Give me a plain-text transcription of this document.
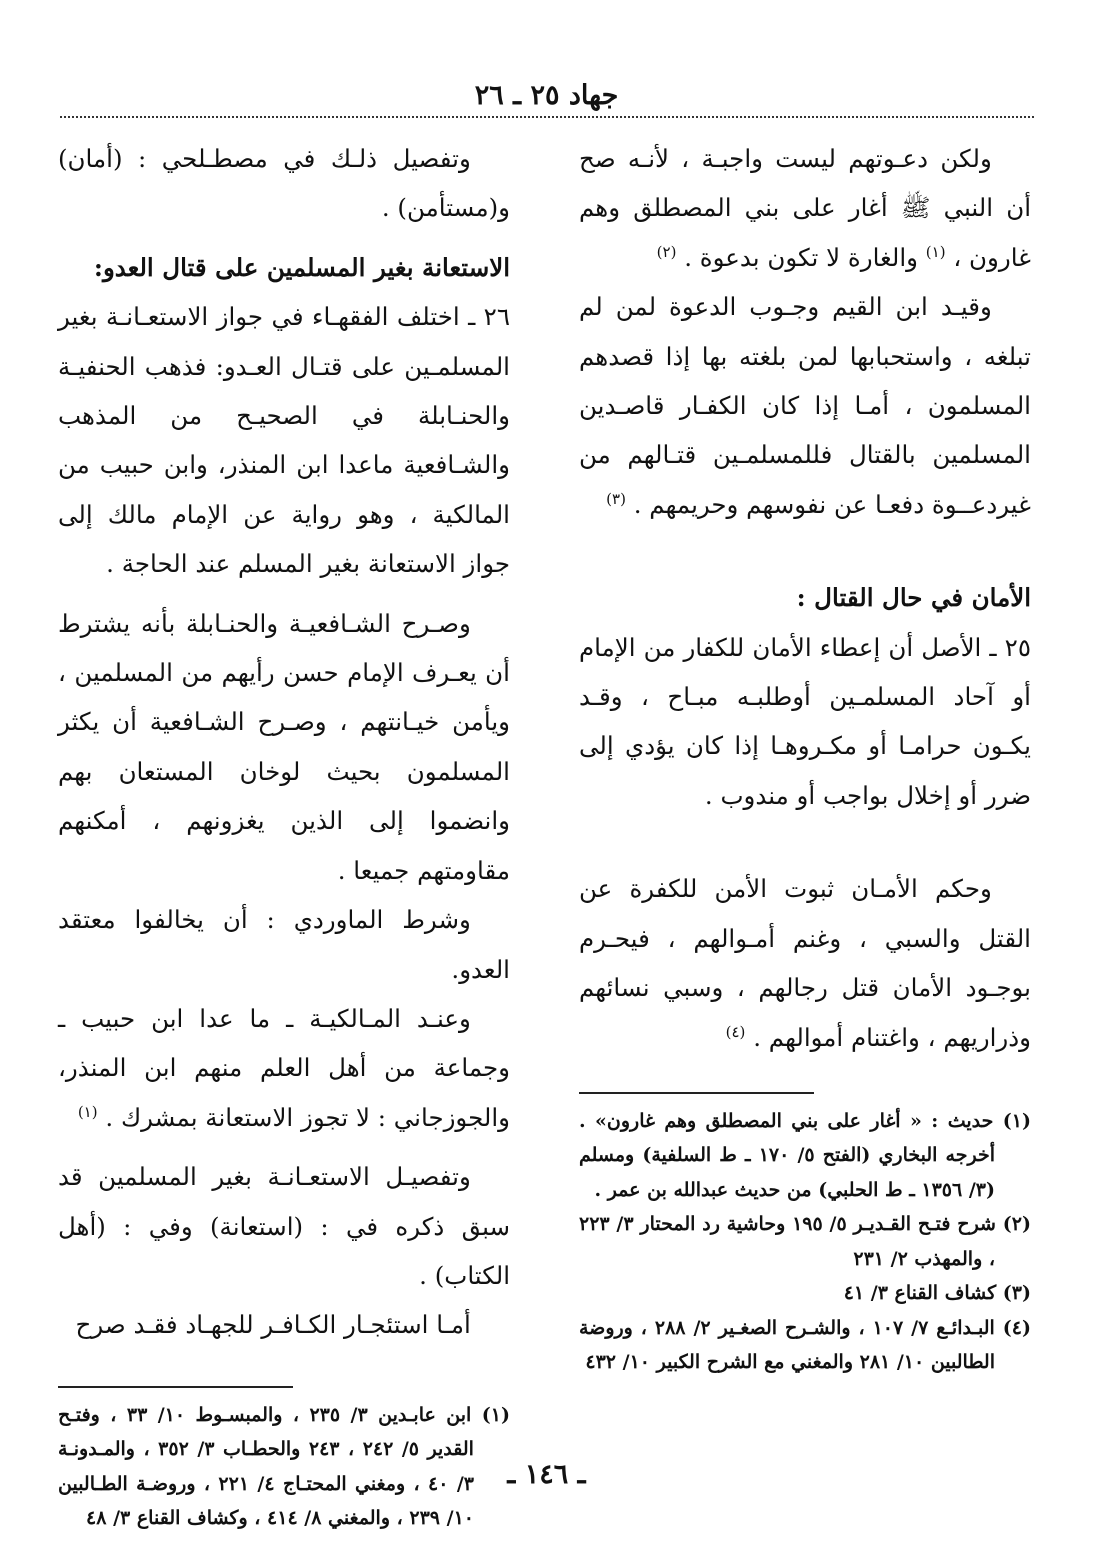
جهاد ٢٥ ـ ٢٦

ولكن دعـوتهم ليست واجبـة ، لأنـه صح أن النبي ﷺ أغار على بني المصطلق وهم غارون ، $^{(١)}$ والغارة لا تكون بدعوة . $^{(٢)}$

وقيـد ابن القيم وجـوب الدعوة لمن لم تبلغه ، واستحبابها لمن بلغته بها إذا قصدهم المسلمون ، أمـا إذا كان الكفـار قاصـدين المسلمين بالقتال فللمسلمـين قتـالهم من غيردعــوة دفعـا عن نفوسهم وحريمهم . $^{(٣)}$

الأمان في حال القتال :

٢٥ ـ الأصل أن إعطاء الأمان للكفار من الإمام أو آحاد المسلمـين أوطلبـه مبـاح ، وقـد يكـون حرامـا أو مكـروهـا إذا كان يؤدي إلى ضرر أو إخلال بواجب أو مندوب .

وحكم الأمـان ثبوت الأمن للكفرة عن القتل والسبي ، وغنم أمـوالهم ، فيحـرم بوجـود الأمان قتل رجالهم ، وسبي نسائهم وذراريهم ، واغتنام أموالهم . $^{(٤)}$

(١) حديث : « أغار على بني المصطلق وهم غارون» . أخرجه البخاري (الفتح ٥/ ١٧٠ ـ ط السلفية) ومسلم (٣/ ١٣٥٦ ـ ط الحلبي) من حديث عبدالله بن عمر .
(٢) شرح فتـح القـديـر ٥/ ١٩٥ وحاشية رد المحتار ٣/ ٢٢٣ ، والمهذب ٢/ ٢٣١
(٣) كشاف القناع ٣/ ٤١
(٤) البـدائـع ٧/ ١٠٧ ، والشـرح الصغـير ٢/ ٢٨٨ ، وروضة الطالبين ١٠/ ٢٨١ والمغني مع الشرح الكبير ١٠/ ٤٣٢

وتفصيل ذلـك في مصطـلحي : (أمان) و(مستأمن) .

الاستعانة بغير المسلمين على قتال العدو:

٢٦ ـ اختلف الفقهـاء في جواز الاستعـانـة بغير المسلمـين على قتـال العـدو: فذهب الحنفيـة والحنـابلة في الصحيـح من المذهب والشـافعية ماعدا ابن المنذر، وابن حبيب من المالكية ، وهو رواية عن الإمام مالك إلى جواز الاستعانة بغير المسلم عند الحاجة .

وصـرح الشـافعيـة والحنـابلة بأنه يشترط أن يعـرف الإمام حسن رأيهم من المسلمين ، ويأمن خيـانتهم ، وصـرح الشـافعية أن يكثر المسلمون بحيث لوخان المستعان بهم وانضموا إلى الذين يغزونهم ، أمكنهم مقاومتهم جميعا .

وشرط الماوردي : أن يخالفوا معتقد العدو.

وعنـد المـالكيـة ـ ما عدا ابن حبيب ـ وجماعة من أهل العلم منهم ابن المنذر، والجوزجاني : لا تجوز الاستعانة بمشرك . $^{(١)}$

وتفصيـل الاستعـانـة بغير المسلمين قد سبق ذكره في : (استعانة) وفي : (أهل الكتاب) .

أمـا استئجـار الكـافـر للجهـاد فقـد صرح

(١) ابن عابـدين ٣/ ٢٣٥ ، والمبسـوط ١٠/ ٣٣ ، وفتـح القدير ٥/ ٢٤٢ ، ٢٤٣ والحطـاب ٣/ ٣٥٢ ، والمـدونـة ٣/ ٤٠ ، ومغني المحتـاج ٤/ ٢٢١ ، وروضـة الطـالبين ١٠/ ٢٣٩ ، والمغني ٨/ ٤١٤ ، وكشاف القناع ٣/ ٤٨
ـ ١٤٦ ـ
